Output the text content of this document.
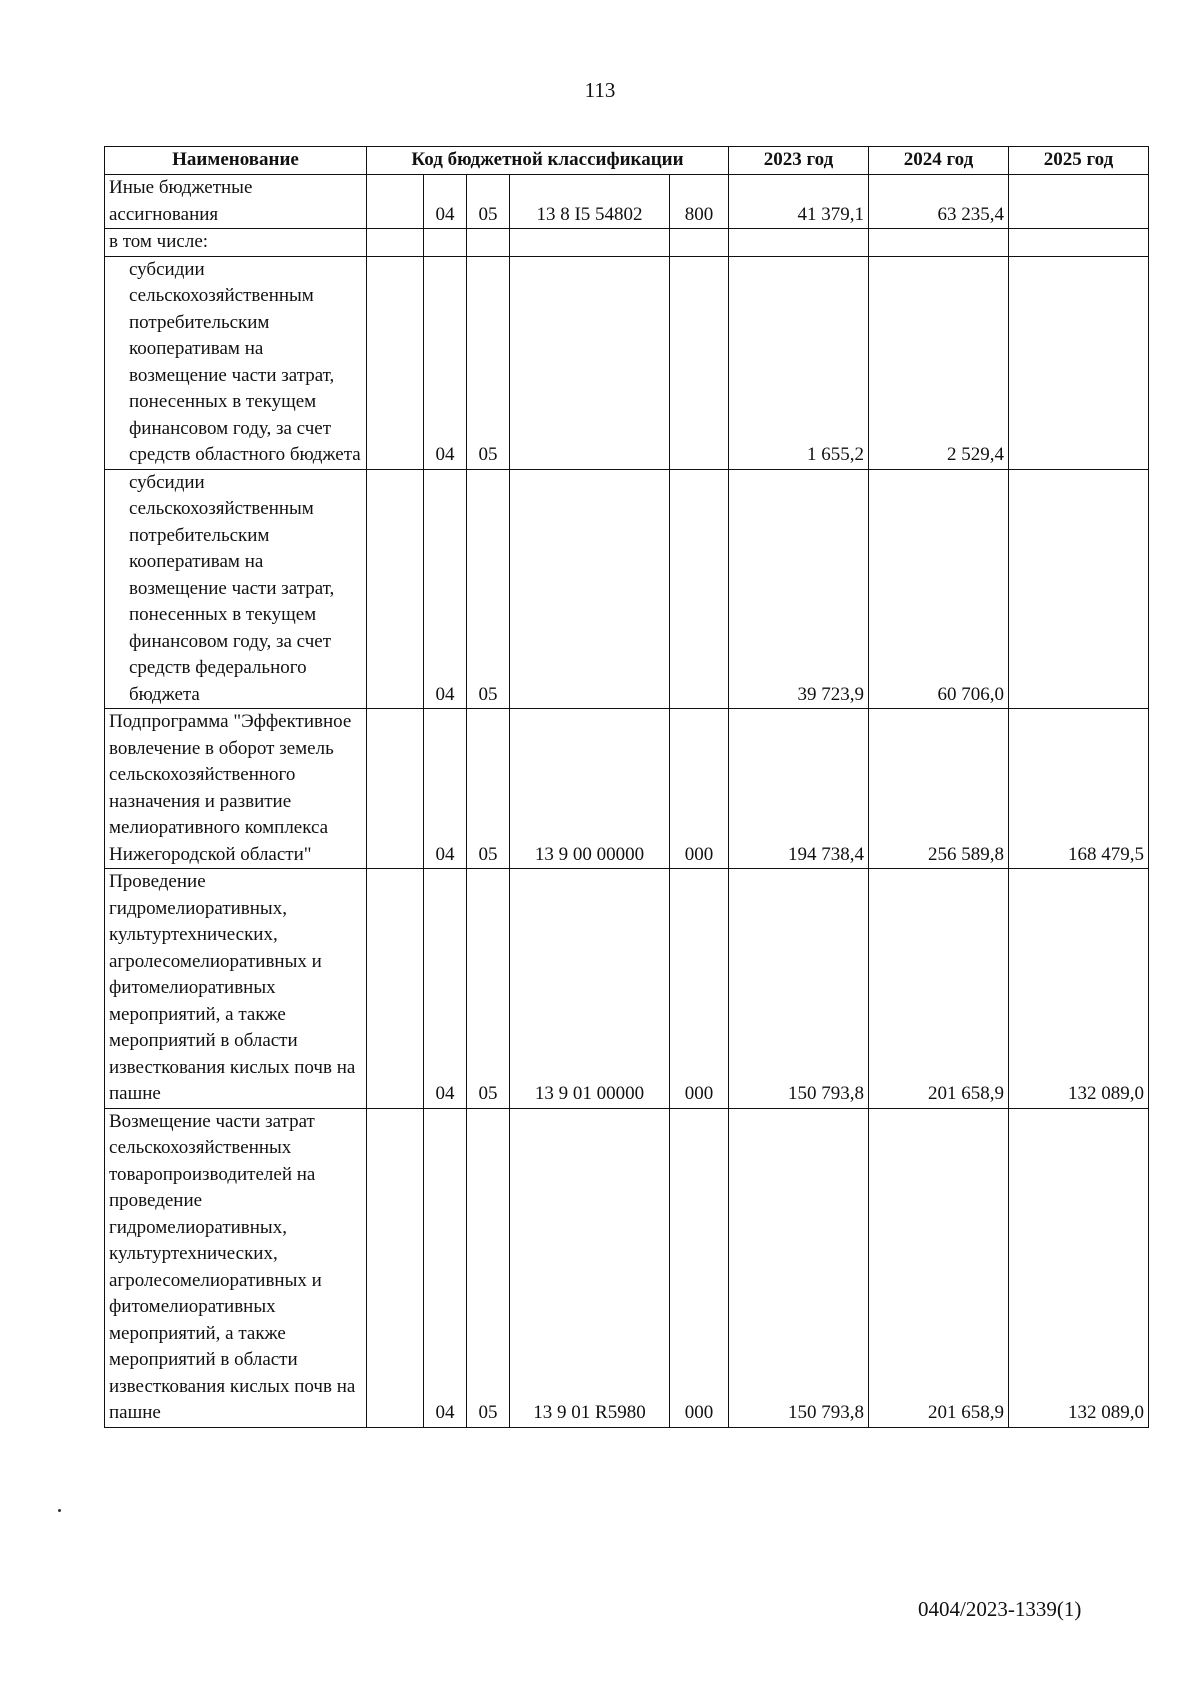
113
Наименование	Код бюджетной классификации					2023 год	2024 год	2025 год
Иные бюджетные ассигнования		04	05	13 8 I5 54802	800	41 379,1	63 235,4	
в том числе:								
субсидии сельскохозяйственным потребительским кооперативам на возмещение части затрат, понесенных в текущем финансовом году, за счет средств областного бюджета		04	05			1 655,2	2 529,4	
субсидии сельскохозяйственным потребительским кооперативам на возмещение части затрат, понесенных в текущем финансовом году, за счет средств федерального бюджета		04	05			39 723,9	60 706,0	
Подпрограмма "Эффективное вовлечение в оборот земель сельскохозяйственного назначения и развитие мелиоративного комплекса Нижегородской области"		04	05	13 9 00 00000	000	194 738,4	256 589,8	168 479,5
Проведение гидромелиоративных, культуртехнических, агролесомелиоративных и фитомелиоративных мероприятий, а также мероприятий в области известкования кислых почв на пашне		04	05	13 9 01 00000	000	150 793,8	201 658,9	132 089,0
Возмещение части затрат сельскохозяйственных товаропроизводителей на проведение гидромелиоративных, культуртехнических, агролесомелиоративных и фитомелиоративных мероприятий, а также мероприятий в области известкования кислых почв на пашне		04	05	13 9 01 R5980	000	150 793,8	201 658,9	132 089,0
0404/2023-1339(1)
